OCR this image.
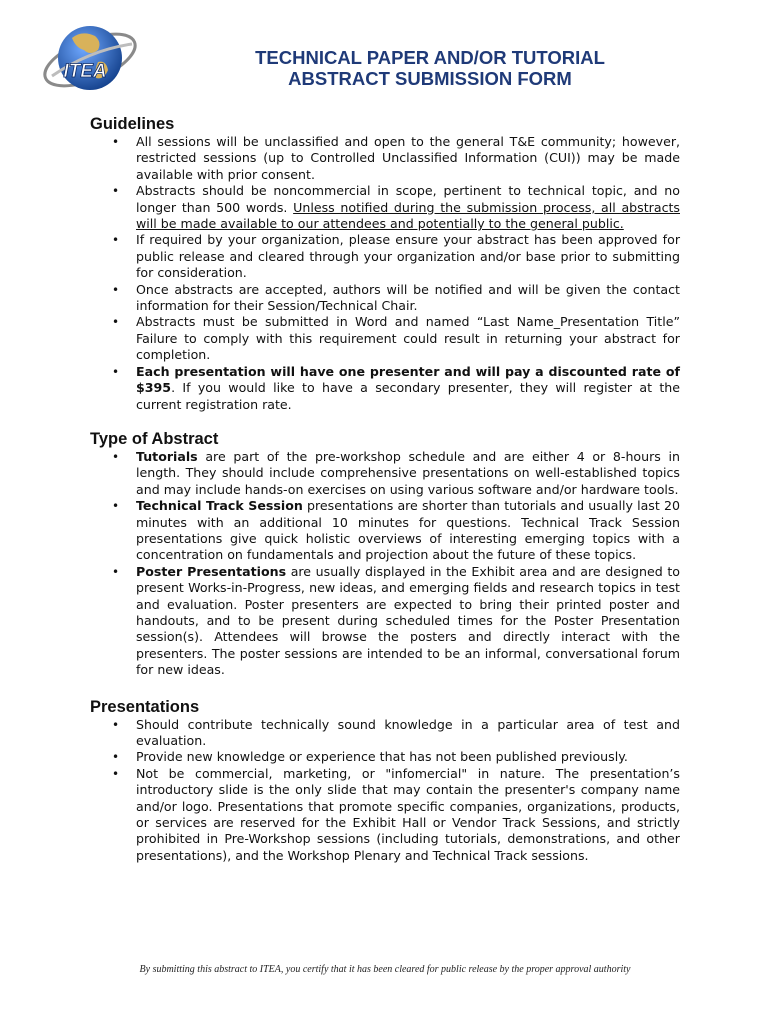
ITEA
TECHNICAL PAPER AND/OR TUTORIAL
ABSTRACT SUBMISSION FORM
Guidelines
• All sessions will be unclassified and open to the general T&E community; however, restricted sessions (up to Controlled Unclassified Information (CUI)) may be made available with prior consent.
• Abstracts should be noncommercial in scope, pertinent to technical topic, and no longer than 500 words. Unless notified during the submission process, all abstracts will be made available to our attendees and potentially to the general public.
• If required by your organization, please ensure your abstract has been approved for public release and cleared through your organization and/or base prior to submitting for consideration.
• Once abstracts are accepted, authors will be notified and will be given the contact information for their Session/Technical Chair.
• Abstracts must be submitted in Word and named “Last Name_Presentation Title” Failure to comply with this requirement could result in returning your abstract for completion.
• Each presentation will have one presenter and will pay a discounted rate of $395. If you would like to have a secondary presenter, they will register at the current registration rate.
Type of Abstract
• Tutorials are part of the pre-workshop schedule and are either 4 or 8-hours in length. They should include comprehensive presentations on well-established topics and may include hands-on exercises on using various software and/or hardware tools.
• Technical Track Session presentations are shorter than tutorials and usually last 20 minutes with an additional 10 minutes for questions. Technical Track Session presentations give quick holistic overviews of interesting emerging topics with a concentration on fundamentals and projection about the future of these topics.
• Poster Presentations are usually displayed in the Exhibit area and are designed to present Works-in-Progress, new ideas, and emerging fields and research topics in test and evaluation. Poster presenters are expected to bring their printed poster and handouts, and to be present during scheduled times for the Poster Presentation session(s). Attendees will browse the posters and directly interact with the presenters. The poster sessions are intended to be an informal, conversational forum for new ideas.
Presentations
• Should contribute technically sound knowledge in a particular area of test and evaluation.
• Provide new knowledge or experience that has not been published previously.
• Not be commercial, marketing, or "infomercial" in nature. The presentation’s introductory slide is the only slide that may contain the presenter's company name and/or logo. Presentations that promote specific companies, organizations, products, or services are reserved for the Exhibit Hall or Vendor Track Sessions, and strictly prohibited in Pre-Workshop sessions (including tutorials, demonstrations, and other presentations), and the Workshop Plenary and Technical Track sessions.
By submitting this abstract to ITEA, you certify that it has been cleared for public release by the proper approval authority
